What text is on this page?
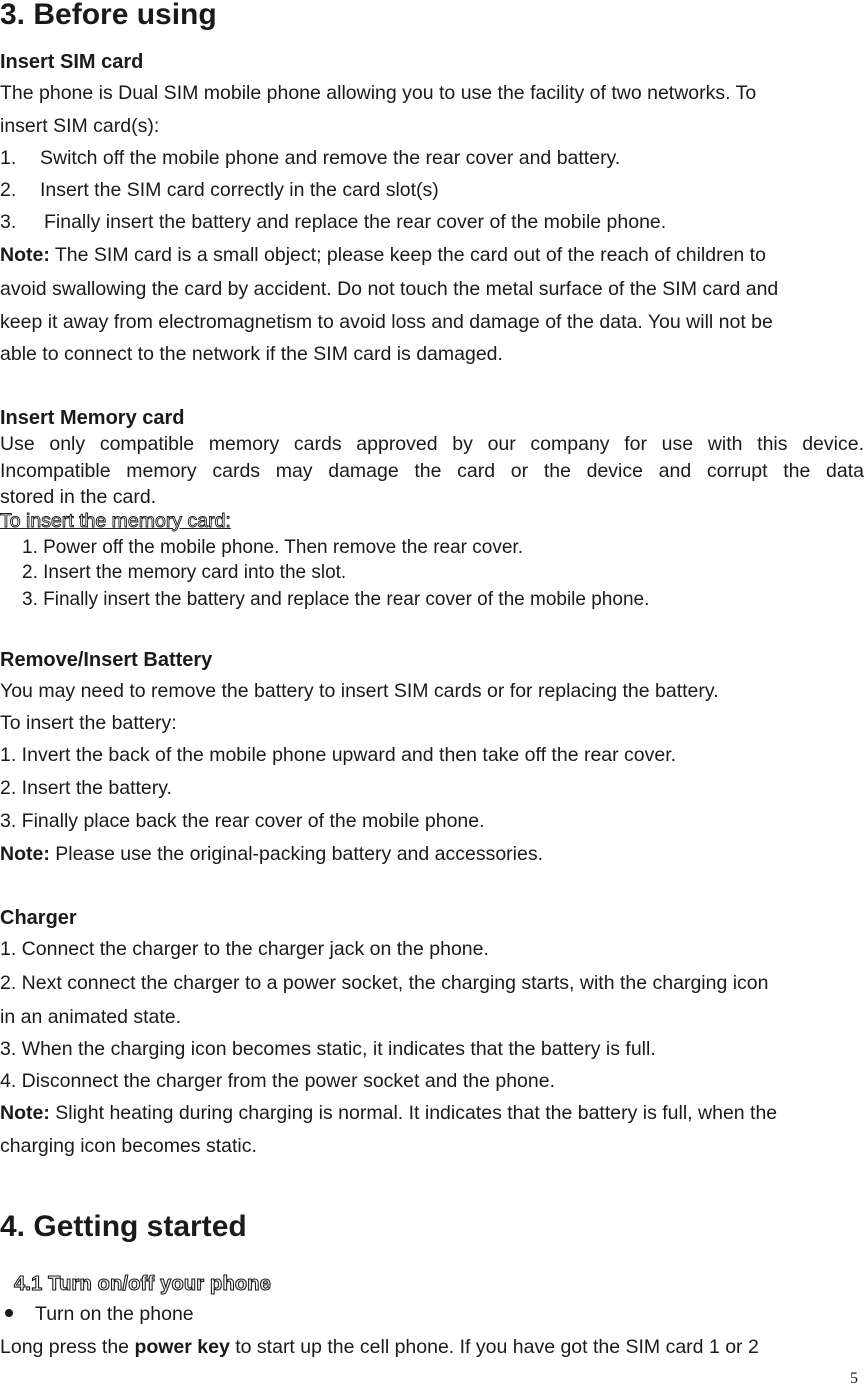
3. Before using
Insert SIM card
The phone is Dual SIM mobile phone allowing you to use the facility of two networks. To
insert SIM card(s):
1. Switch off the mobile phone and remove the rear cover and battery.
2. Insert the SIM card correctly in the card slot(s)
3. Finally insert the battery and replace the rear cover of the mobile phone.
Note: The SIM card is a small object; please keep the card out of the reach of children to
avoid swallowing the card by accident. Do not touch the metal surface of the SIM card and
keep it away from electromagnetism to avoid loss and damage of the data. You will not be
able to connect to the network if the SIM card is damaged.
Insert Memory card
Use only compatible memory cards approved by our company for use with this device.
Incompatible memory cards may damage the card or the device and corrupt the data
stored in the card.
To insert the memory card:
1. Power off the mobile phone. Then remove the rear cover.
2. Insert the memory card into the slot.
3. Finally insert the battery and replace the rear cover of the mobile phone.
Remove/Insert Battery
You may need to remove the battery to insert SIM cards or for replacing the battery.
To insert the battery:
1. Invert the back of the mobile phone upward and then take off the rear cover.
2. Insert the battery.
3. Finally place back the rear cover of the mobile phone.
Note: Please use the original-packing battery and accessories.
Charger
1. Connect the charger to the charger jack on the phone.
2. Next connect the charger to a power socket, the charging starts, with the charging icon
in an animated state.
3. When the charging icon becomes static, it indicates that the battery is full.
4. Disconnect the charger from the power socket and the phone.
Note: Slight heating during charging is normal. It indicates that the battery is full, when the
charging icon becomes static.
4. Getting started
4.1 Turn on/off your phone
Turn on the phone
Long press the power key to start up the cell phone. If you have got the SIM card 1 or 2
5
